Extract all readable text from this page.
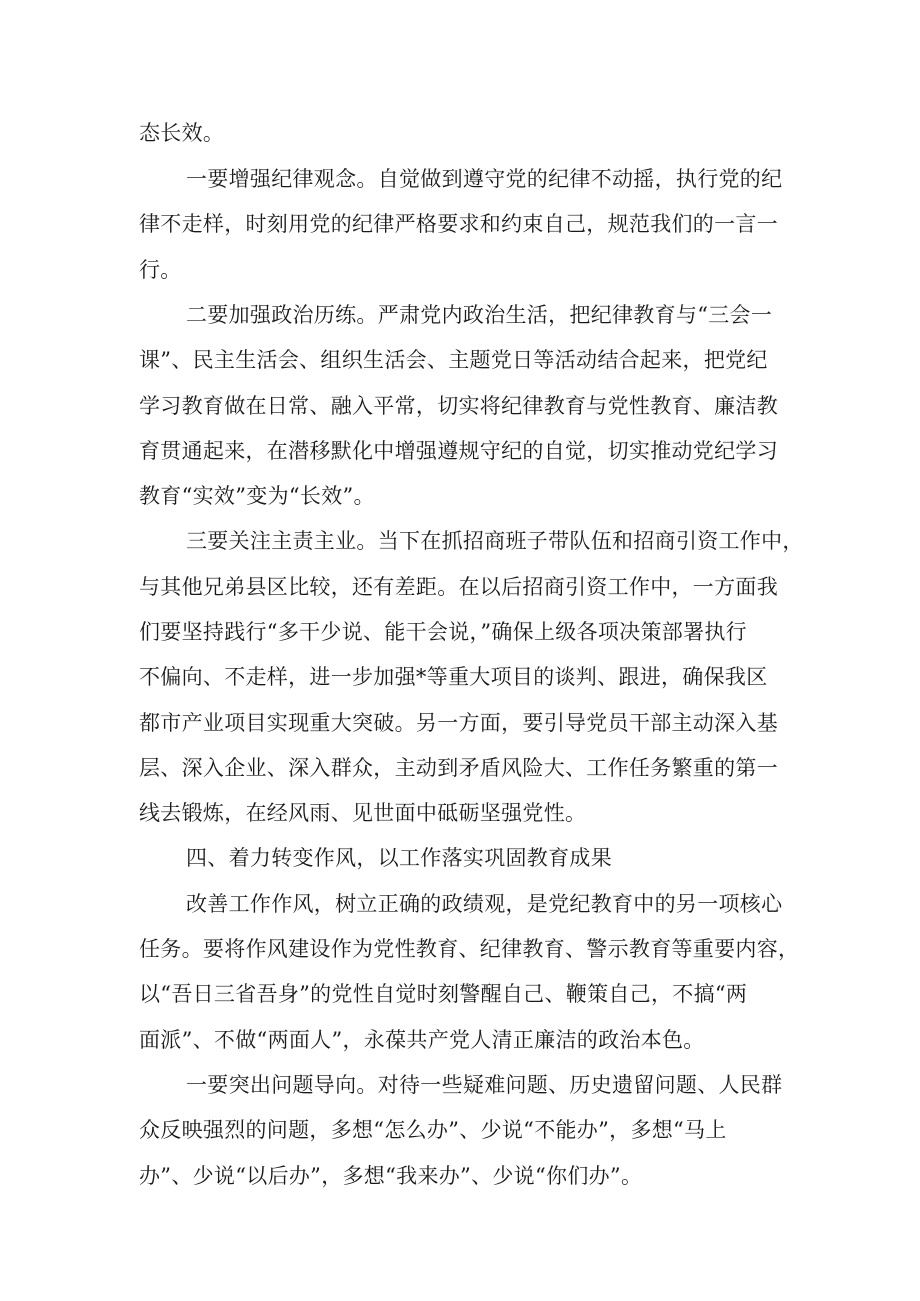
态长效。

一要增强纪律观念。自觉做到遵守党的纪律不动摇，执行党的纪

律不走样，时刻用党的纪律严格要求和约束自己，规范我们的一言一

行。

二要加强政治历练。严肃党内政治生活，把纪律教育与“三会一

课”、民主生活会、组织生活会、主题党日等活动结合起来，把党纪

学习教育做在日常、融入平常，切实将纪律教育与党性教育、廉洁教

育贯通起来，在潜移默化中增强遵规守纪的自觉，切实推动党纪学习

教育“实效”变为“长效”。

三要关注主责主业。当下在抓招商班子带队伍和招商引资工作中，

与其他兄弟县区比较，还有差距。在以后招商引资工作中，一方面我

们要坚持践行“多干少说、能干会说，”确保上级各项决策部署执行

不偏向、不走样，进一步加强*等重大项目的谈判、跟进，确保我区

都市产业项目实现重大突破。另一方面，要引导党员干部主动深入基

层、深入企业、深入群众，主动到矛盾风险大、工作任务繁重的第一

线去锻炼，在经风雨、见世面中砥砺坚强党性。

四、着力转变作风，以工作落实巩固教育成果

改善工作作风，树立正确的政绩观，是党纪教育中的另一项核心

任务。要将作风建设作为党性教育、纪律教育、警示教育等重要内容，

以“吾日三省吾身”的党性自觉时刻警醒自己、鞭策自己，不搞“两

面派”、不做“两面人”，永葆共产党人清正廉洁的政治本色。

一要突出问题导向。对待一些疑难问题、历史遗留问题、人民群

众反映强烈的问题，多想“怎么办”、少说“不能办”，多想“马上

办”、少说“以后办”，多想“我来办”、少说“你们办”。
